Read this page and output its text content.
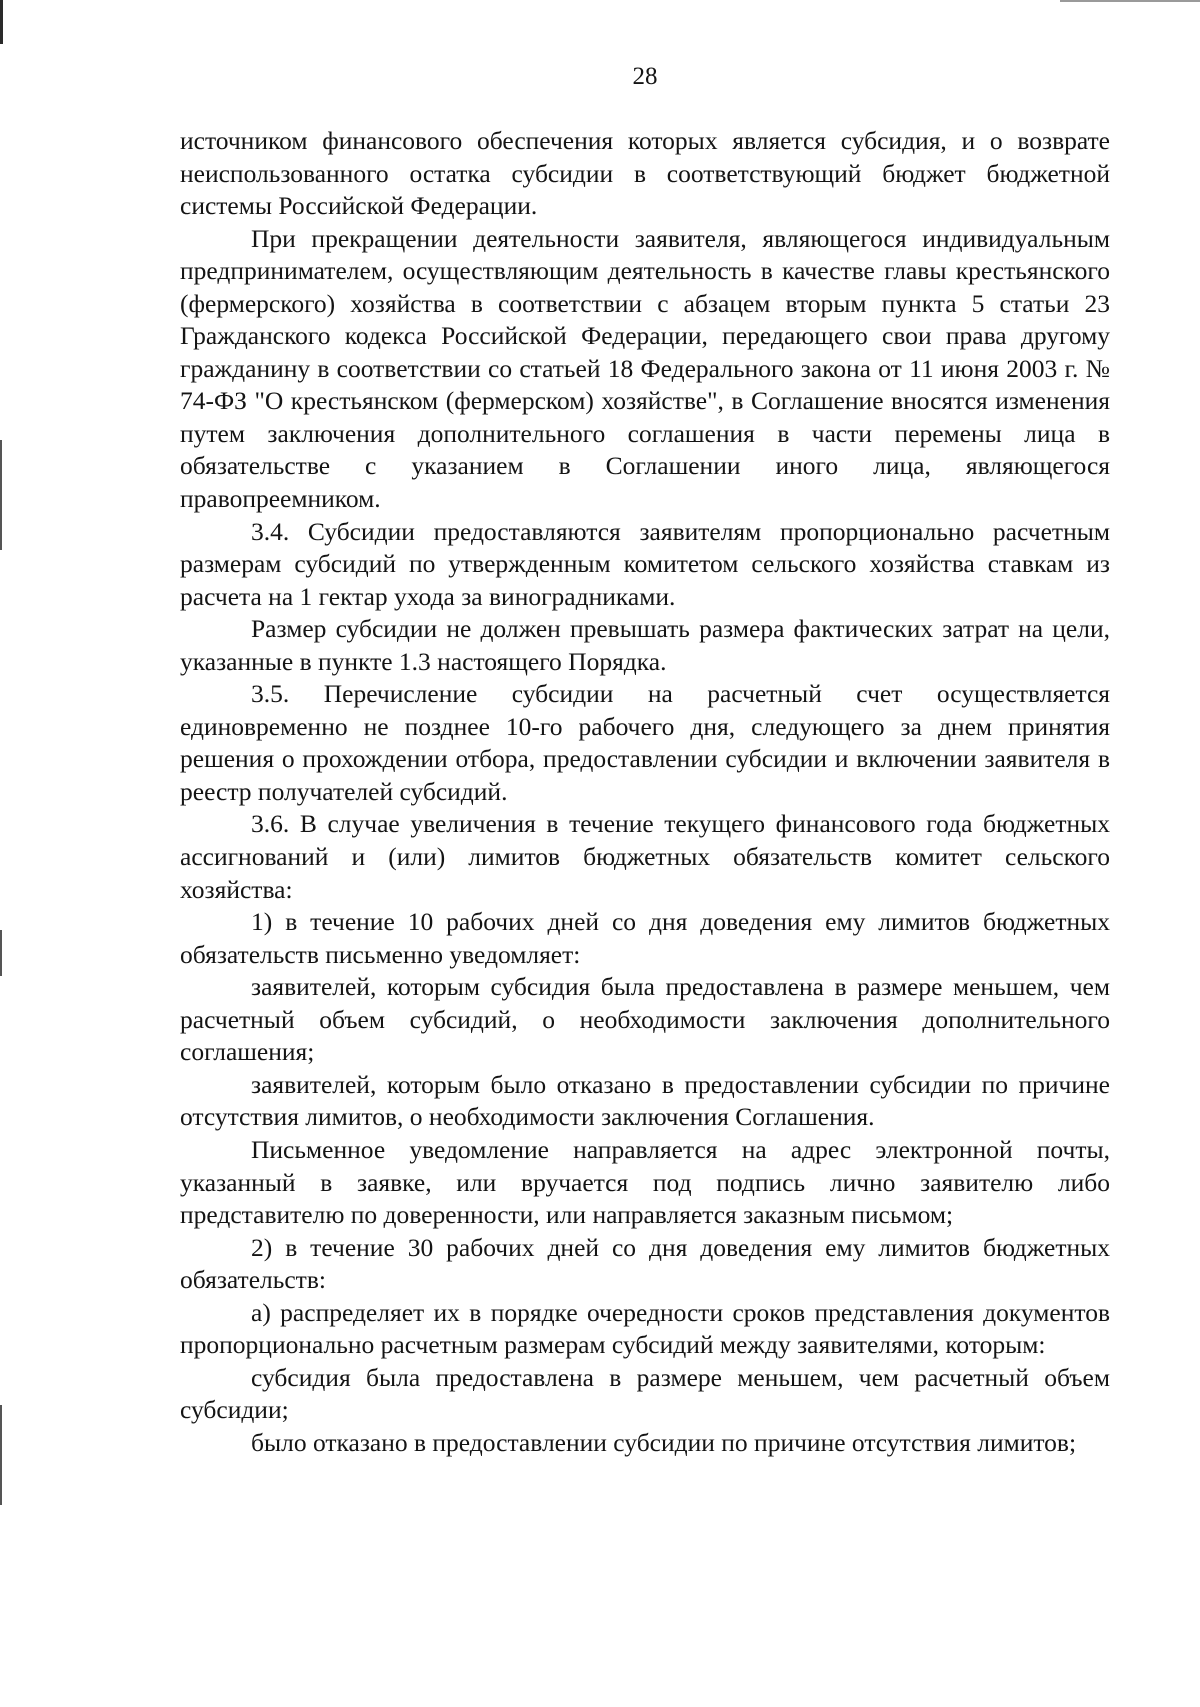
28

источником финансового обеспечения которых является субсидия, и о возврате неиспользованного остатка субсидии в соответствующий бюджет бюджетной системы Российской Федерации.

При прекращении деятельности заявителя, являющегося индивидуальным предпринимателем, осуществляющим деятельность в качестве главы крестьянского (фермерского) хозяйства в соответствии с абзацем вторым пункта 5 статьи 23 Гражданского кодекса Российской Федерации, передающего свои права другому гражданину в соответствии со статьей 18 Федерального закона от 11 июня 2003 г. № 74-ФЗ "О крестьянском (фермерском) хозяйстве", в Соглашение вносятся изменения путем заключения дополнительного соглашения в части перемены лица в обязательстве с указанием в Соглашении иного лица, являющегося правопреемником.

3.4. Субсидии предоставляются заявителям пропорционально расчетным размерам субсидий по утвержденным комитетом сельского хозяйства ставкам из расчета на 1 гектар ухода за виноградниками.

Размер субсидии не должен превышать размера фактических затрат на цели, указанные в пункте 1.3 настоящего Порядка.

3.5. Перечисление субсидии на расчетный счет осуществляется единовременно не позднее 10-го рабочего дня, следующего за днем принятия решения о прохождении отбора, предоставлении субсидии и включении заявителя в реестр получателей субсидий.

3.6. В случае увеличения в течение текущего финансового года бюджетных ассигнований и (или) лимитов бюджетных обязательств комитет сельского хозяйства:

1) в течение 10 рабочих дней со дня доведения ему лимитов бюджетных обязательств письменно уведомляет:

заявителей, которым субсидия была предоставлена в размере меньшем, чем расчетный объем субсидий, о необходимости заключения дополнительного соглашения;

заявителей, которым было отказано в предоставлении субсидии по причине отсутствия лимитов, о необходимости заключения Соглашения.

Письменное уведомление направляется на адрес электронной почты, указанный в заявке, или вручается под подпись лично заявителю либо представителю по доверенности, или направляется заказным письмом;

2) в течение 30 рабочих дней со дня доведения ему лимитов бюджетных обязательств:

а) распределяет их в порядке очередности сроков представления документов пропорционально расчетным размерам субсидий между заявителями, которым:

субсидия была предоставлена в размере меньшем, чем расчетный объем субсидии;

было отказано в предоставлении субсидии по причине отсутствия лимитов;
